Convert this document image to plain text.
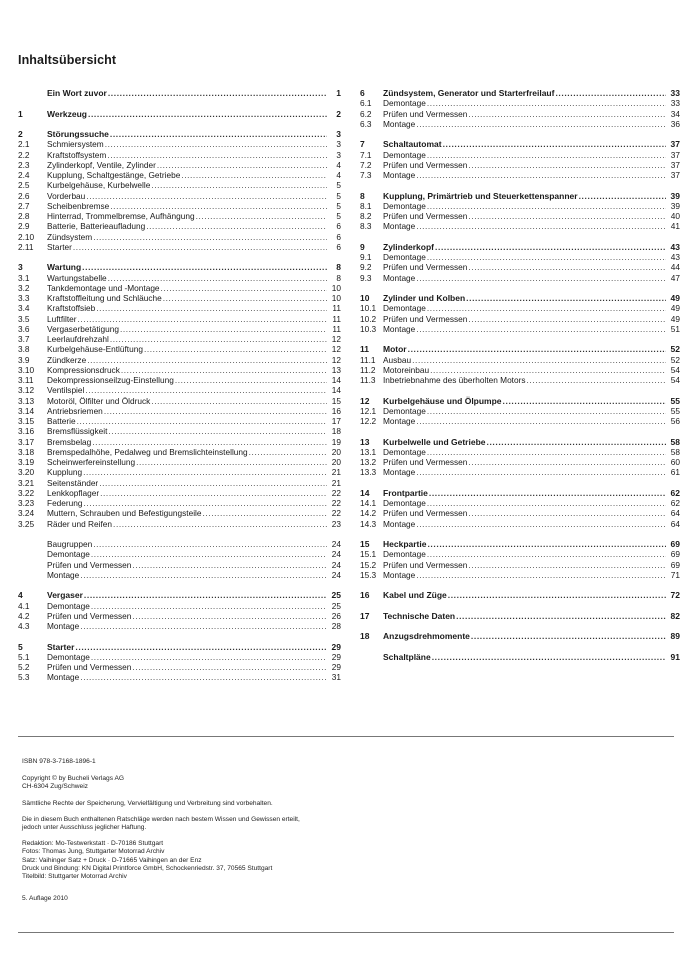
Inhaltsübersicht
Ein Wort zuvor .....	1
1	Werkzeug .....	2
2	Störungssuche .....	3
2.1 Schmiersystem .....	3
2.2 Kraftstoffsystem .....	3
2.3 Zylinderkopf, Ventile, Zylinder .....	4
2.4 Kupplung, Schaltgestänge, Getriebe .....	4
2.5 Kurbelgehäuse, Kurbelwelle .....	5
2.6 Vorderbau .....	5
2.7 Scheibenbremse .....	5
2.8 Hinterrad, Trommelbremse, Aufhängung .....	5
2.9 Batterie, Batterieaufladung .....	6
2.10 Zündsystem .....	6
2.11 Starter .....	6
3	Wartung .....	8
3.1 Wartungstabelle .....	8
3.2 Tankdemontage und -Montage .....	10
3.3 Kraftstoffleitung und Schläuche .....	10
3.4 Kraftstoffsieb .....	11
3.5 Luftfilter .....	11
3.6 Vergaserbetätigung .....	11
3.7 Leerlaufdrehzahl .....	12
3.8 Kurbelgehäuse-Entlüftung .....	12
3.9 Zündkerze .....	12
3.10 Kompressionsdruck .....	13
3.11 Dekompressionseilzug-Einstellung .....	14
3.12 Ventilspiel .....	14
3.13 Motoröl, Ölfilter und Öldruck .....	15
3.14 Antriebsriemen .....	16
3.15 Batterie .....	17
3.16 Bremsflüssigkeit .....	18
3.17 Bremsbelag .....	19
3.18 Bremspedalhöhe, Pedalweg und Bremslichteinstellung .....	20
3.19 Scheinwerfereinstellung .....	20
3.20 Kupplung .....	21
3.21 Seitenständer .....	21
3.22 Lenkkopflager .....	22
3.23 Federung .....	22
3.24 Muttern, Schrauben und Befestigungsteile .....	22
3.25 Räder und Reifen .....	23
Baugruppen .....	24
Demontage .....	24
Prüfen und Vermessen .....	24
Montage .....	24
4	Vergaser .....	25
4.1 Demontage .....	25
4.2 Prüfen und Vermessen .....	26
4.3 Montage .....	28
5	Starter .....	29
5.1 Demontage .....	29
5.2 Prüfen und Vermessen .....	29
5.3 Montage .....	31
6 Zündsystem, Generator und Starterfreilauf .....	33
6.1 Demontage .....	33
6.2 Prüfen und Vermessen .....	34
6.3 Montage .....	36
7 Schaltautomat .....	37
7.1 Demontage .....	37
7.2 Prüfen und Vermessen .....	37
7.3 Montage .....	37
8 Kupplung, Primärtrieb und Steuerkettenspanner .....	39
8.1 Demontage .....	39
8.2 Prüfen und Vermessen .....	40
8.3 Montage .....	41
9 Zylinderkopf .....	43
9.1 Demontage .....	43
9.2 Prüfen und Vermessen .....	44
9.3 Montage .....	47
10 Zylinder und Kolben .....	49
10.1 Demontage .....	49
10.2 Prüfen und Vermessen .....	49
10.3 Montage .....	51
11 Motor .....	52
11.1 Ausbau .....	52
11.2 Motoreinbau .....	54
11.3 Inbetriebnahme des überholten Motors .....	54
12 Kurbelgehäuse und Ölpumpe .....	55
12.1 Demontage .....	55
12.2 Montage .....	56
13 Kurbelwelle und Getriebe .....	58
13.1 Demontage .....	58
13.2 Prüfen und Vermessen .....	60
13.3 Montage .....	61
14 Frontpartie .....	62
14.1 Demontage .....	62
14.2 Prüfen und Vermessen .....	64
14.3 Montage .....	64
15 Heckpartie .....	69
15.1 Demontage .....	69
15.2 Prüfen und Vermessen .....	69
15.3 Montage .....	71
16 Kabel und Züge .....	72
17 Technische Daten .....	82
18 Anzugsdrehmomente .....	89
Schaltpläne .....	91

ISBN 978-3-7168-1896-1

Copyright © by Bucheli Verlags AG

CH-6304 Zug/Schweiz

Sämtliche Rechte der Speicherung, Vervielfältigung und Verbreitung sind vorbehalten.

Die in diesem Buch enthaltenen Ratschläge werden nach bestem Wissen und Gewissen erteilt,

jedoch unter Ausschluss jeglicher Haftung.

Redaktion: Mo-Testwerkstatt · D-70186 Stuttgart

Fotos: Thomas Jung, Stuttgarter Motorrad Archiv

Satz: Vaihinger Satz + Druck · D-71665 Vaihingen an der Enz

Druck und Bindung: KN Digital Printforce GmbH, Schockenriedstr. 37, 70565 Stuttgart

Titelbild: Stuttgarter Motorrad Archiv

5. Auflage 2010
